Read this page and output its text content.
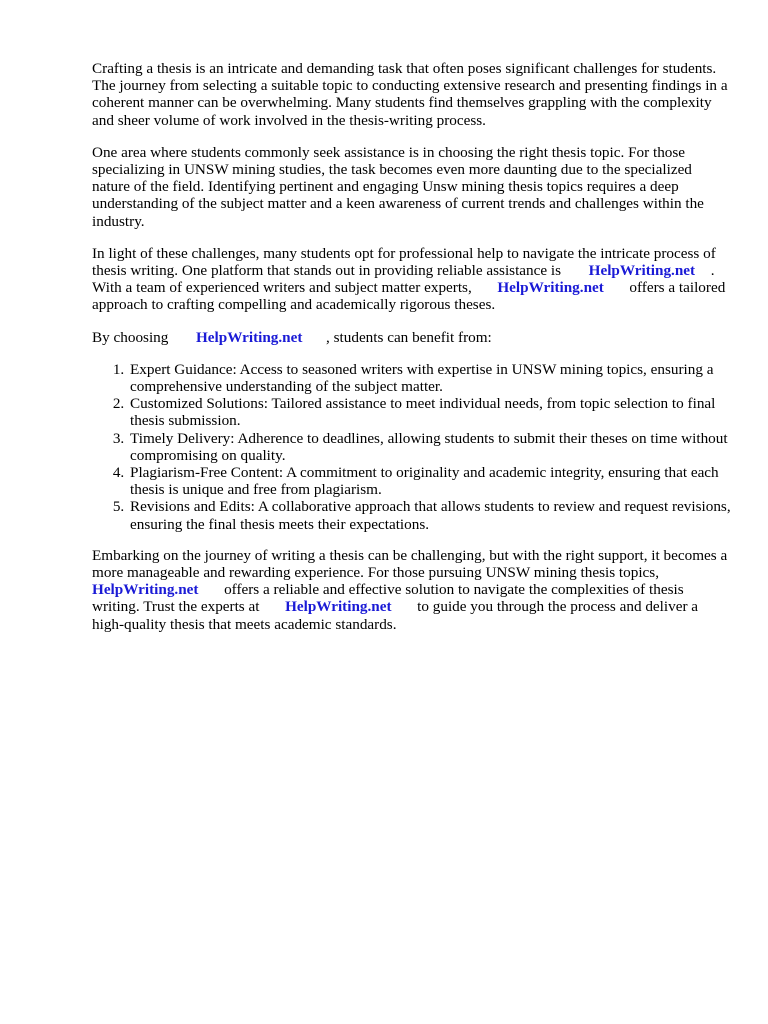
Crafting a thesis is an intricate and demanding task that often poses significant challenges for students. The journey from selecting a suitable topic to conducting extensive research and presenting findings in a coherent manner can be overwhelming. Many students find themselves grappling with the complexity and sheer volume of work involved in the thesis-writing process.

One area where students commonly seek assistance is in choosing the right thesis topic. For those specializing in UNSW mining studies, the task becomes even more daunting due to the specialized nature of the field. Identifying pertinent and engaging Unsw mining thesis topics requires a deep understanding of the subject matter and a keen awareness of current trends and challenges within the industry.

In light of these challenges, many students opt for professional help to navigate the intricate process of thesis writing. One platform that stands out in providing reliable assistance is HelpWriting.net . With a team of experienced writers and subject matter experts, HelpWriting.net offers a tailored approach to crafting compelling and academically rigorous theses.

By choosing HelpWriting.net , students can benefit from:

1. Expert Guidance: Access to seasoned writers with expertise in UNSW mining topics, ensuring a comprehensive understanding of the subject matter.
2. Customized Solutions: Tailored assistance to meet individual needs, from topic selection to final thesis submission.
3. Timely Delivery: Adherence to deadlines, allowing students to submit their theses on time without compromising on quality.
4. Plagiarism-Free Content: A commitment to originality and academic integrity, ensuring that each thesis is unique and free from plagiarism.
5. Revisions and Edits: A collaborative approach that allows students to review and request revisions, ensuring the final thesis meets their expectations.

Embarking on the journey of writing a thesis can be challenging, but with the right support, it becomes a more manageable and rewarding experience. For those pursuing UNSW mining thesis topics,  HelpWriting.net offers a reliable and effective solution to navigate the complexities of thesis writing. Trust the experts at HelpWriting.net to guide you through the process and deliver a high-quality thesis that meets academic standards.
